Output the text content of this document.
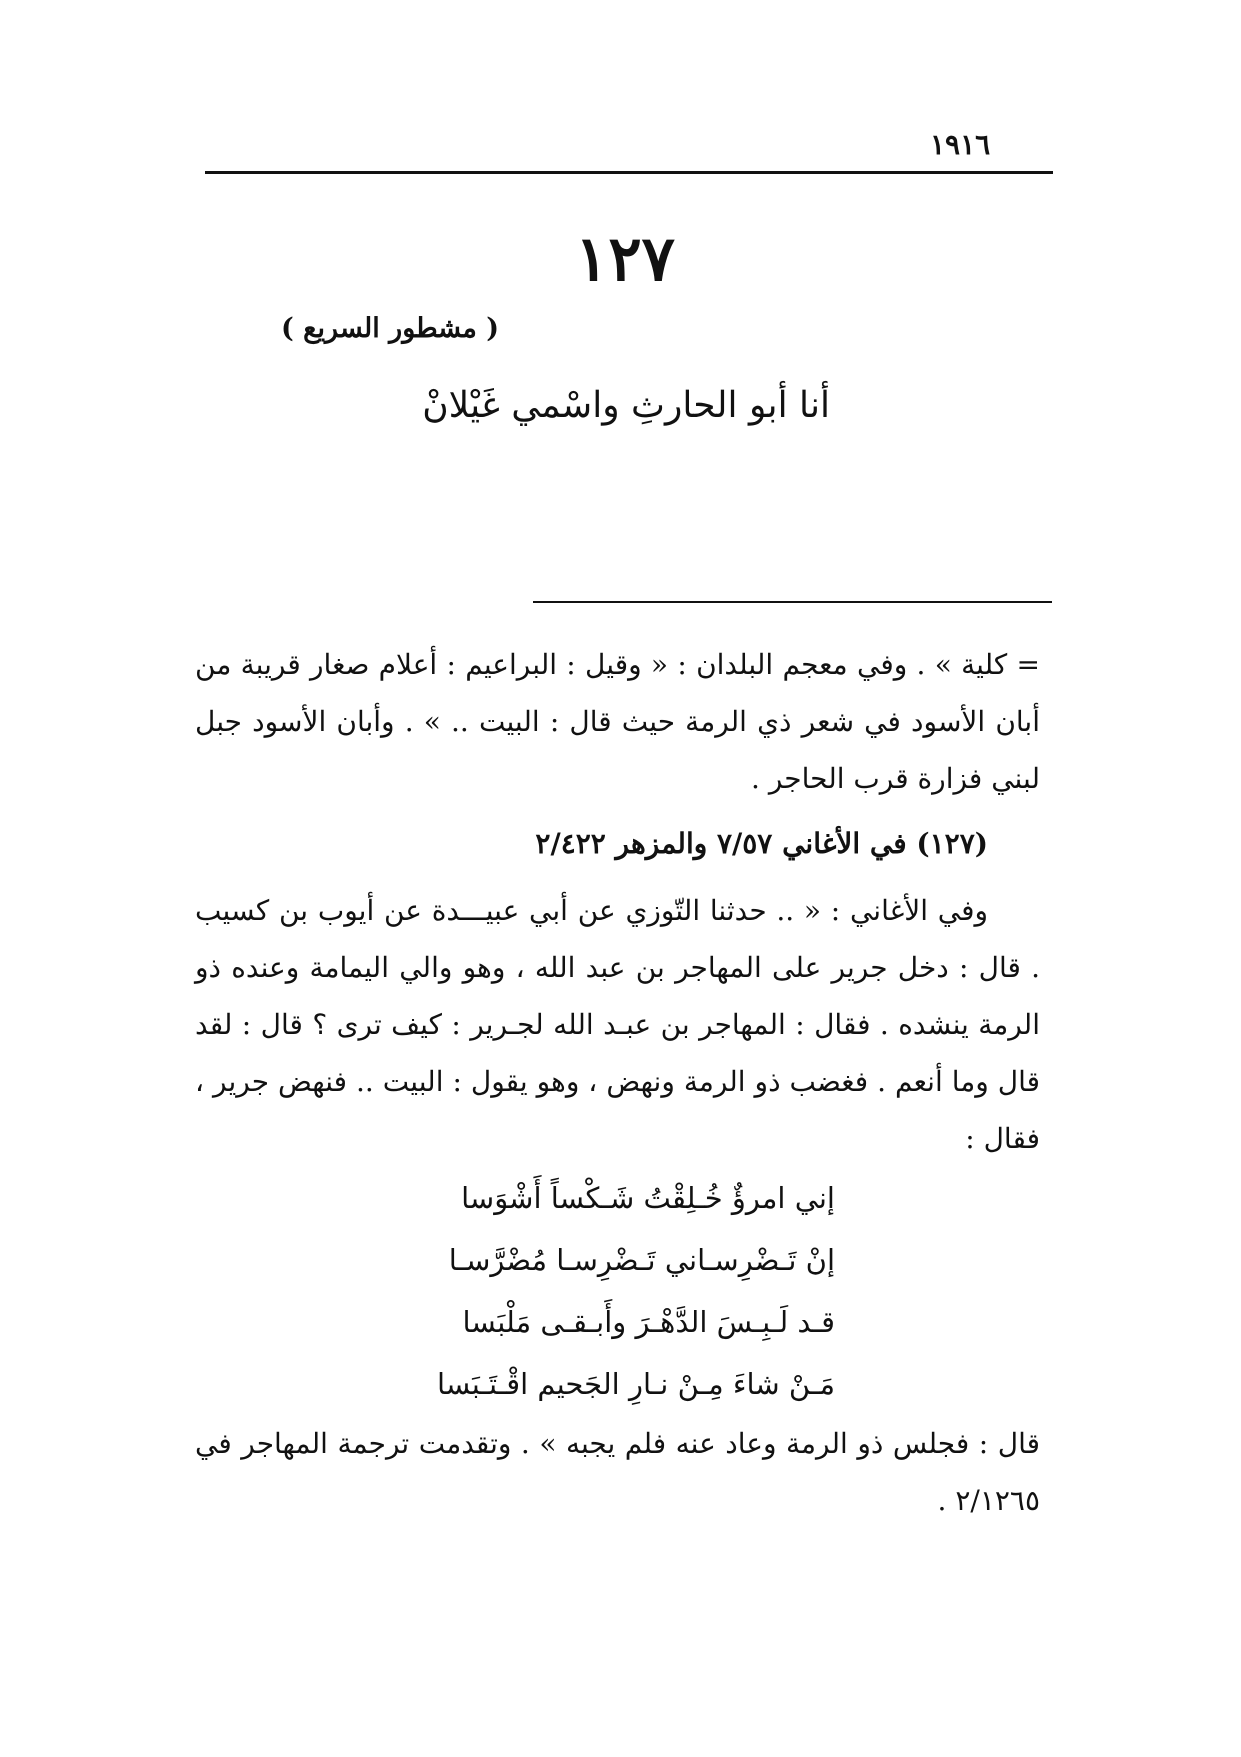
١٩١٦
١٢٧
( مشطور السريع )
أنا أبو الحارثِ واسْمي غَيْلانْ

= كلية » . وفي معجم البلدان : « وقيل : البراعيم : أعلام صغار قريبة من أبان الأسود في شعر ذي الرمة حيث قال : البيت .. » . وأبان الأسود جبل لبني فزارة قرب الحاجر .

(١٢٧) في الأغاني ٧/٥٧ والمزهر ٢/٤٢٢

وفي الأغاني : « .. حدثنا التّوزي عن أبي عبيـــدة عن أيوب بن كسيب . قال : دخل جرير على المهاجر بن عبد الله ، وهو والي اليمامة وعنده ذو الرمة ينشده . فقال : المهاجر بن عبـد الله لجـرير : كيف ترى ؟ قال : لقد قال وما أنعم . فغضب ذو الرمة ونهض ، وهو يقول : البيت .. فنهض جرير ، فقال :

إني امرؤٌ خُـلِقْتُ شَـكْساً أَشْوَسا
إنْ تَـضْرِسـاني تَـضْرِسـا مُضْرَّسـا
قـد لَـبِـسَ الدَّهْـرَ وأَبـقـى مَلْبَسا
مَـنْ شاءَ مِـنْ نـارِ الجَحيم اقْـتَـبَسا

قال : فجلس ذو الرمة وعاد عنه فلم يجبه » . وتقدمت ترجمة المهاجر في ٢/١٢٦٥ .
